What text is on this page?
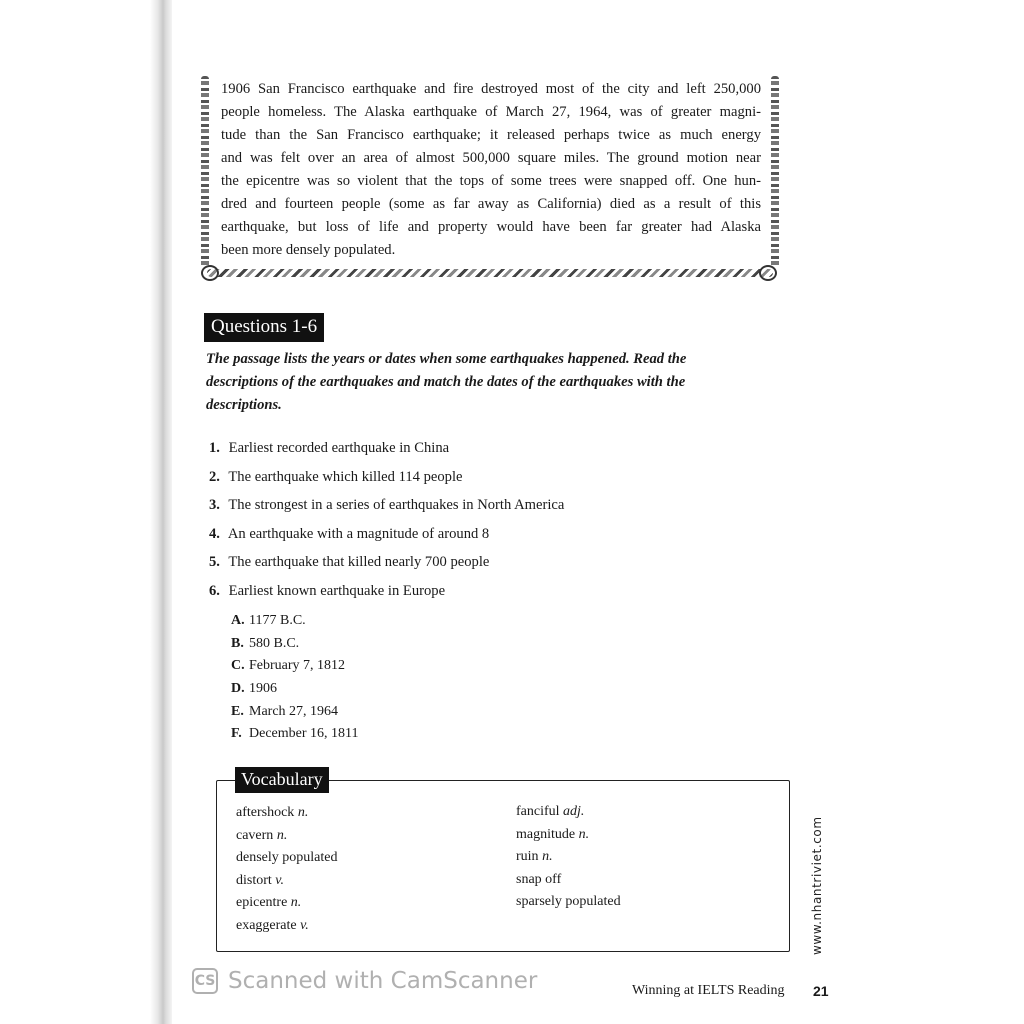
1906 San Francisco earthquake and fire destroyed most of the city and left 250,000
people homeless. The Alaska earthquake of March 27, 1964, was of greater magni-
tude than the San Francisco earthquake; it released perhaps twice as much energy
and was felt over an area of almost 500,000 square miles. The ground motion near
the epicentre was so violent that the tops of some trees were snapped off. One hun-
dred and fourteen people (some as far away as California) died as a result of this
earthquake, but loss of life and property would have been far greater had Alaska
been more densely populated.

Questions 1-6

The passage lists the years or dates when some earthquakes happened. Read the descriptions of the earthquakes and match the dates of the earthquakes with the descriptions.

1. Earliest recorded earthquake in China
2. The earthquake which killed 114 people
3. The strongest in a series of earthquakes in North America
4. An earthquake with a magnitude of around 8
5. The earthquake that killed nearly 700 people
6. Earliest known earthquake in Europe
A. 1177 B.C.
B. 580 B.C.
C. February 7, 1812
D. 1906
E. March 27, 1964
F. December 16, 1811
Vocabulary
aftershock n.
cavern n.
densely populated
distort v.
epicentre n.
exaggerate v.
fanciful adj.
magnitude n.
ruin n.
snap off
sparsely populated	www.nhantriviet.com
CS Scanned with CamScanner	Winning at IELTS Reading 21
